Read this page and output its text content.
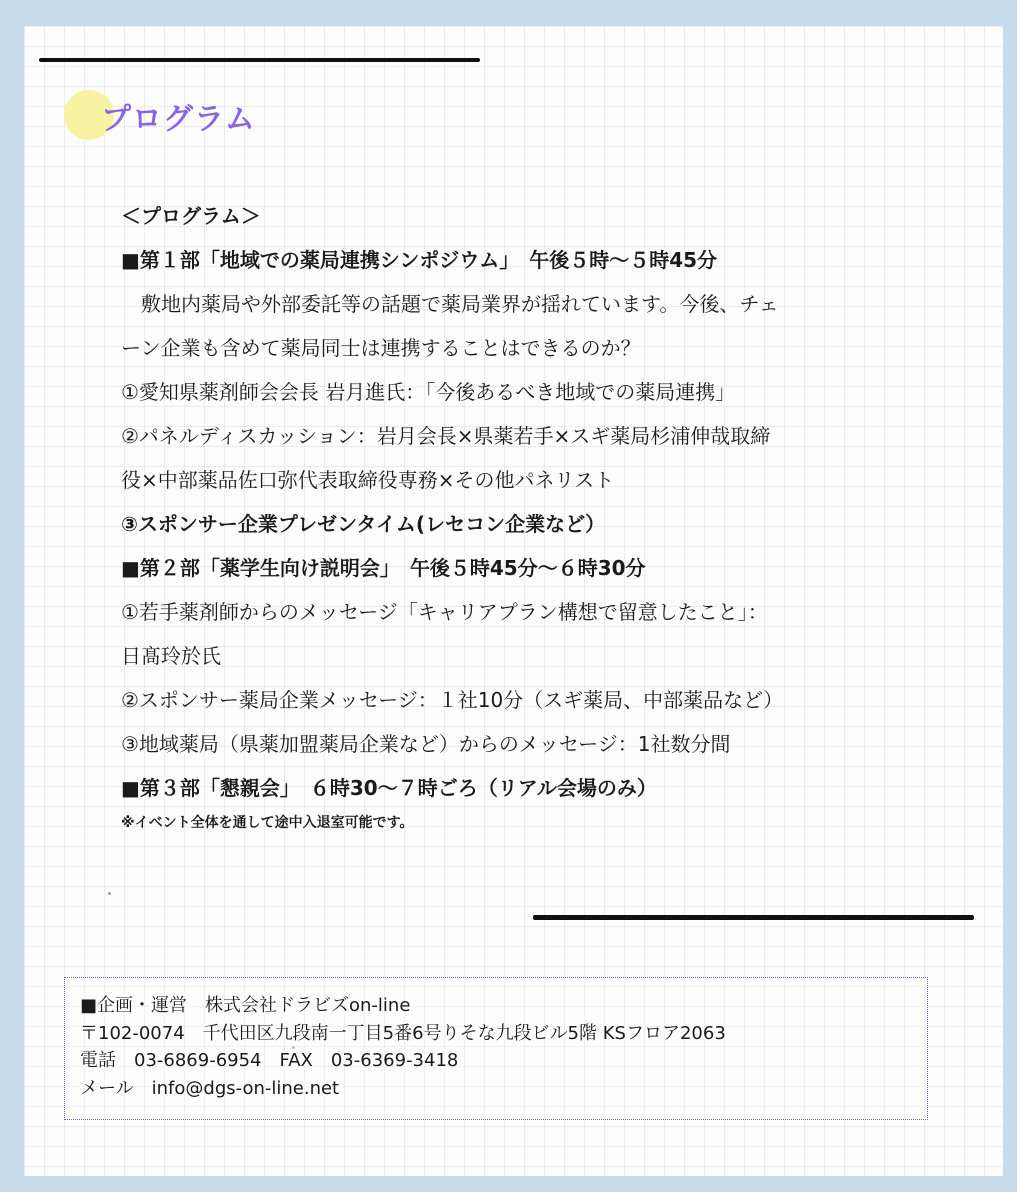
プログラム
＜プログラム＞
■第１部「地域での薬局連携シンポジウム」　午後５時～５時45分
　敷地内薬局や外部委託等の話題で薬局業界が揺れています。今後、チェ
ーン企業も含めて薬局同士は連携することはできるのか？
①愛知県薬剤師会会長 岩月進氏：「今後あるべき地域での薬局連携」
②パネルディスカッション：岩月会長×県薬若手×スギ薬局杉浦伸哉取締
役×中部薬品佐口弥代表取締役専務×その他パネリスト
③スポンサー企業プレゼンタイム(レセコン企業など）
■第２部「薬学生向け説明会」　午後５時45分～６時30分
①若手薬剤師からのメッセージ「キャリアプラン構想で留意したこと」：
日髙玲於氏
②スポンサー薬局企業メッセージ：１社10分（スギ薬局、中部薬品など）
③地域薬局（県薬加盟薬局企業など）からのメッセージ：1社数分間
■第３部「懇親会」　６時30～７時ごろ（リアル会場のみ）
※イベント全体を通して途中入退室可能です。
■企画・運営　株式会社ドラビズon-line
〒102-0074　千代田区九段南一丁目5番6号りそな九段ビル5階 KSフロア2063
電話　03-6869-6954　FAX　03-6369-3418
メール　info@dgs-on-line.net
